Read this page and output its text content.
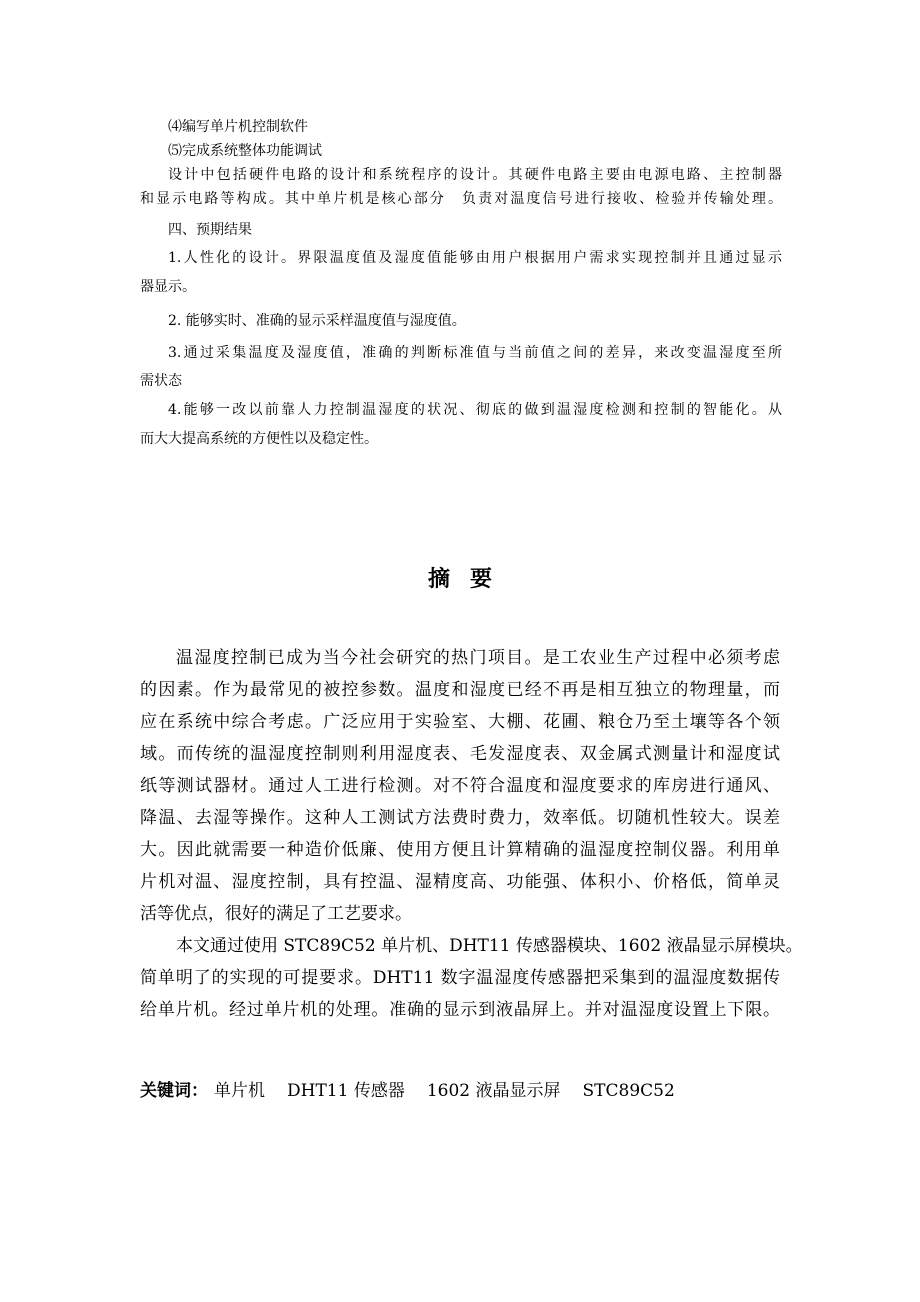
⑷编写单片机控制软件

⑸完成系统整体功能调试

设计中包括硬件电路的设计和系统程序的设计。其硬件电路主要由电源电路、主控制器

和显示电路等构成。其中单片机是核心部分　负责对温度信号进行接收、检验并传输处理。

四、预期结果

1.人性化的设计。界限温度值及湿度值能够由用户根据用户需求实现控制并且通过显示

器显示。

2. 能够实时、准确的显示采样温度值与湿度值。

3.通过采集温度及湿度值，准确的判断标准值与当前值之间的差异，来改变温湿度至所

需状态

4.能够一改以前靠人力控制温湿度的状况、彻底的做到温湿度检测和控制的智能化。从

而大大提高系统的方便性以及稳定性。

摘要

温湿度控制已成为当今社会研究的热门项目。是工农业生产过程中必须考虑

的因素。作为最常见的被控参数。温度和湿度已经不再是相互独立的物理量，而

应在系统中综合考虑。广泛应用于实验室、大棚、花圃、粮仓乃至土壤等各个领

域。而传统的温湿度控制则利用湿度表、毛发湿度表、双金属式测量计和湿度试

纸等测试器材。通过人工进行检测。对不符合温度和湿度要求的库房进行通风、

降温、去湿等操作。这种人工测试方法费时费力，效率低。切随机性较大。误差

大。因此就需要一种造价低廉、使用方便且计算精确的温湿度控制仪器。利用单

片机对温、湿度控制，具有控温、湿精度高、功能强、体积小、价格低，简单灵

活等优点，很好的满足了工艺要求。

本文通过使用 STC89C52 单片机、DHT11 传感器模块、1602 液晶显示屏模块。

简单明了的实现的可提要求。DHT11 数字温湿度传感器把采集到的温湿度数据传

给单片机。经过单片机的处理。准确的显示到液晶屏上。并对温湿度设置上下限。

关键词： 单片机 DHT11 传感器 1602 液晶显示屏 STC89C52
